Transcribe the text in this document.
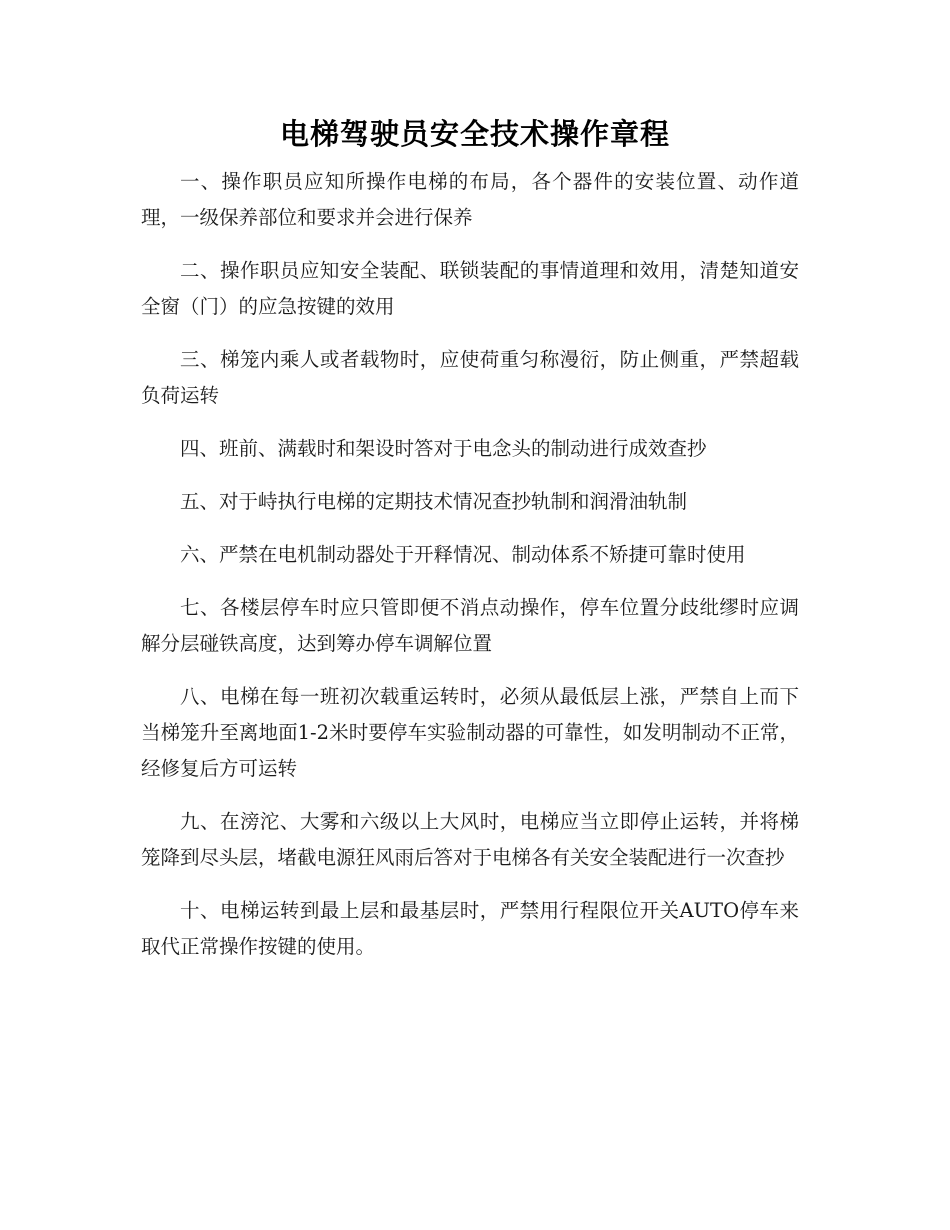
电梯驾驶员安全技术操作章程

一、操作职员应知所操作电梯的布局，各个器件的安装位置、动作道理，一级保养部位和要求并会进行保养

二、操作职员应知安全装配、联锁装配的事情道理和效用，清楚知道安全窗（门）的应急按键的效用

三、梯笼内乘人或者载物时，应使荷重匀称漫衍，防止侧重，严禁超载负荷运转

四、班前、满载时和架设时答对于电念头的制动进行成效查抄

五、对于峙执行电梯的定期技术情况查抄轨制和润滑油轨制

六、严禁在电机制动器处于开释情况、制动体系不矫捷可靠时使用

七、各楼层停车时应只管即便不消点动操作，停车位置分歧纰缪时应调解分层碰铁高度，达到筹办停车调解位置

八、电梯在每一班初次载重运转时，必须从最低层上涨，严禁自上而下当梯笼升至离地面1-2米时要停车实验制动器的可靠性，如发明制动不正常，经修复后方可运转

九、在滂沱、大雾和六级以上大风时，电梯应当立即停止运转，并将梯笼降到尽头层，堵截电源狂风雨后答对于电梯各有关安全装配进行一次查抄

十、电梯运转到最上层和最基层时，严禁用行程限位开关AUTO停车来取代正常操作按键的使用。
